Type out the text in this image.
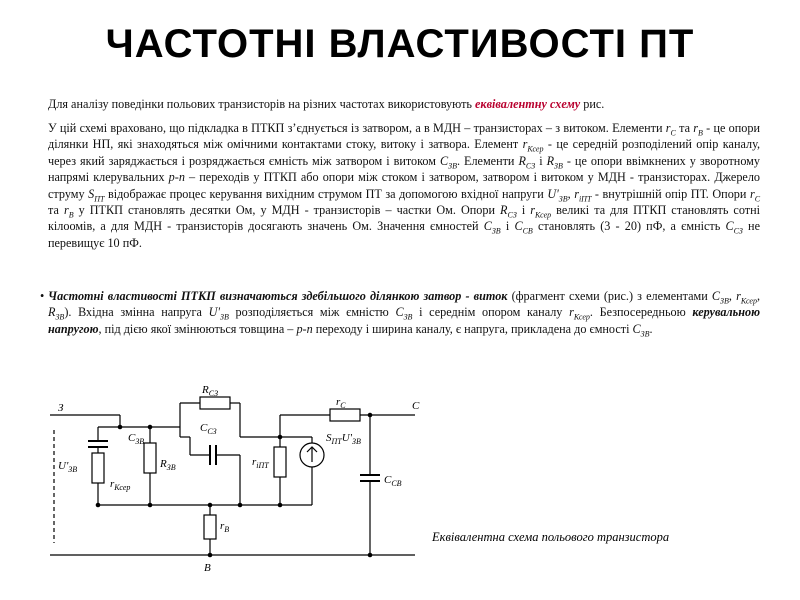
ЧАСТОТНІ ВЛАСТИВОСТІ ПТ

Для аналізу поведінки польових транзисторів на різних частотах використовують еквівалентну схему рис.

У цій схемі враховано, що підкладка в ПТКП з’єднується із затвором, а в МДН – транзисторах – з витоком. Елементи $r_С$ та $r_В$ - це опори ділянки НП, які знаходяться між омічними контактами стоку, витоку і затвора. Елемент $r_{Ксер}$ - це середній розподілений опір каналу, через який заряджається і розряджається ємність між затвором і витоком $C_{ЗВ}$. Елементи $R_{СЗ}$ і $R_{ЗВ}$ - це опори ввімкнених у зворотному напрямі клерувальних p-n – переходів у ПТКП або опори між стоком і затвором, затвором і витоком у МДН - транзисторах. Джерело струму $S_{ПТ}$ відображає процес керування вихідним струмом ПТ за допомогою вхідної напруги $U'_{ЗВ}$, $r_{іПТ}$ - внутрішній опір ПТ. Опори $r_С$ та $r_В$ у ПТКП становлять десятки Ом, у МДН - транзисторів – частки Ом. Опори $R_{СЗ}$ і $r_{Ксер}$ великі та для ПТКП становлять сотні кілоомів, а для МДН - транзисторів досягають значень Ом. Значення ємностей $C_{ЗВ}$ і $C_{СВ}$ становлять (3 - 20) пФ, а ємність $C_{СЗ}$ не перевищує 10 пФ.

• Частотні властивості ПТКП визначаються здебільшого ділянкою затвор - виток (фрагмент схеми (рис.) з елементами $C_{ЗВ}$, $r_{Ксер}$, $R_{ЗВ}$). Вхідна змінна напруга $U'_{ЗВ}$ розподіляється між ємністю $C_{ЗВ}$ і середнім опором каналу $r_{Ксер}$. Безпосередньою керувальною напругою, під дією якої змінюються товщина – p-n переходу і ширина каналу, є напруга, прикладена до ємності $C_{ЗВ}$.

З	С
В
$U'_{ЗВ}$
$R_{СЗ}$
$С_{СЗ}$
$С_{ЗВ}$
$R_{ЗВ}$
$r_{Ксер}$
$r_С$
$r_В$
$r_{іПТ}$
$S_{ПТ}U'_{ЗВ}$
$С_{СВ}$
Еквівалентна схема польового транзистора
